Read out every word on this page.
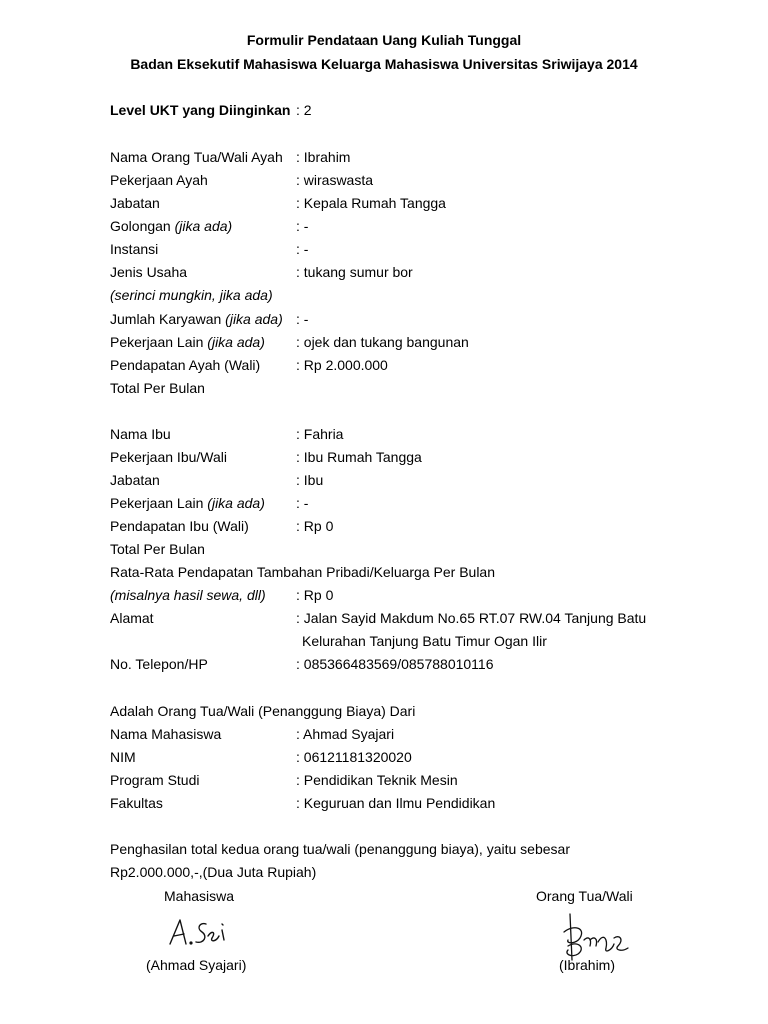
Formulir Pendataan Uang Kuliah Tunggal
Badan Eksekutif Mahasiswa Keluarga Mahasiswa Universitas Sriwijaya 2014
Level UKT yang Diinginkan : 2
Nama Orang Tua/Wali Ayah : Ibrahim
Pekerjaan Ayah	: wiraswasta
Jabatan	: Kepala Rumah Tangga
Golongan (jika ada)	: -
Instansi	: -
Jenis Usaha	: tukang sumur bor
(serinci mungkin, jika ada)
Jumlah Karyawan (jika ada) : -
Pekerjaan Lain (jika ada) : ojek dan tukang bangunan
Pendapatan Ayah (Wali)	: Rp 2.000.000
Total Per Bulan
Nama Ibu	: Fahria
Pekerjaan Ibu/Wali	: Ibu Rumah Tangga
Jabatan	: Ibu
Pekerjaan Lain (jika ada) : -
Pendapatan Ibu (Wali)	: Rp 0
Total Per Bulan
Rata-Rata Pendapatan Tambahan Pribadi/Keluarga Per Bulan
(misalnya hasil sewa, dll) : Rp 0
Alamat	: Jalan Sayid Makdum No.65 RT.07 RW.04 Tanjung Batu
Kelurahan Tanjung Batu Timur Ogan Ilir
No. Telepon/HP	: 085366483569/085788010116
Adalah Orang Tua/Wali (Penanggung Biaya) Dari
Nama Mahasiswa	: Ahmad Syajari
NIM	: 06121181320020
Program Studi	: Pendidikan Teknik Mesin
Fakultas	: Keguruan dan Ilmu Pendidikan
Penghasilan total kedua orang tua/wali (penanggung biaya), yaitu sebesar
Rp2.000.000,-,(Dua Juta Rupiah)
Mahasiswa	Orang Tua/Wali
(Ahmad Syajari)	(Ibrahim)
